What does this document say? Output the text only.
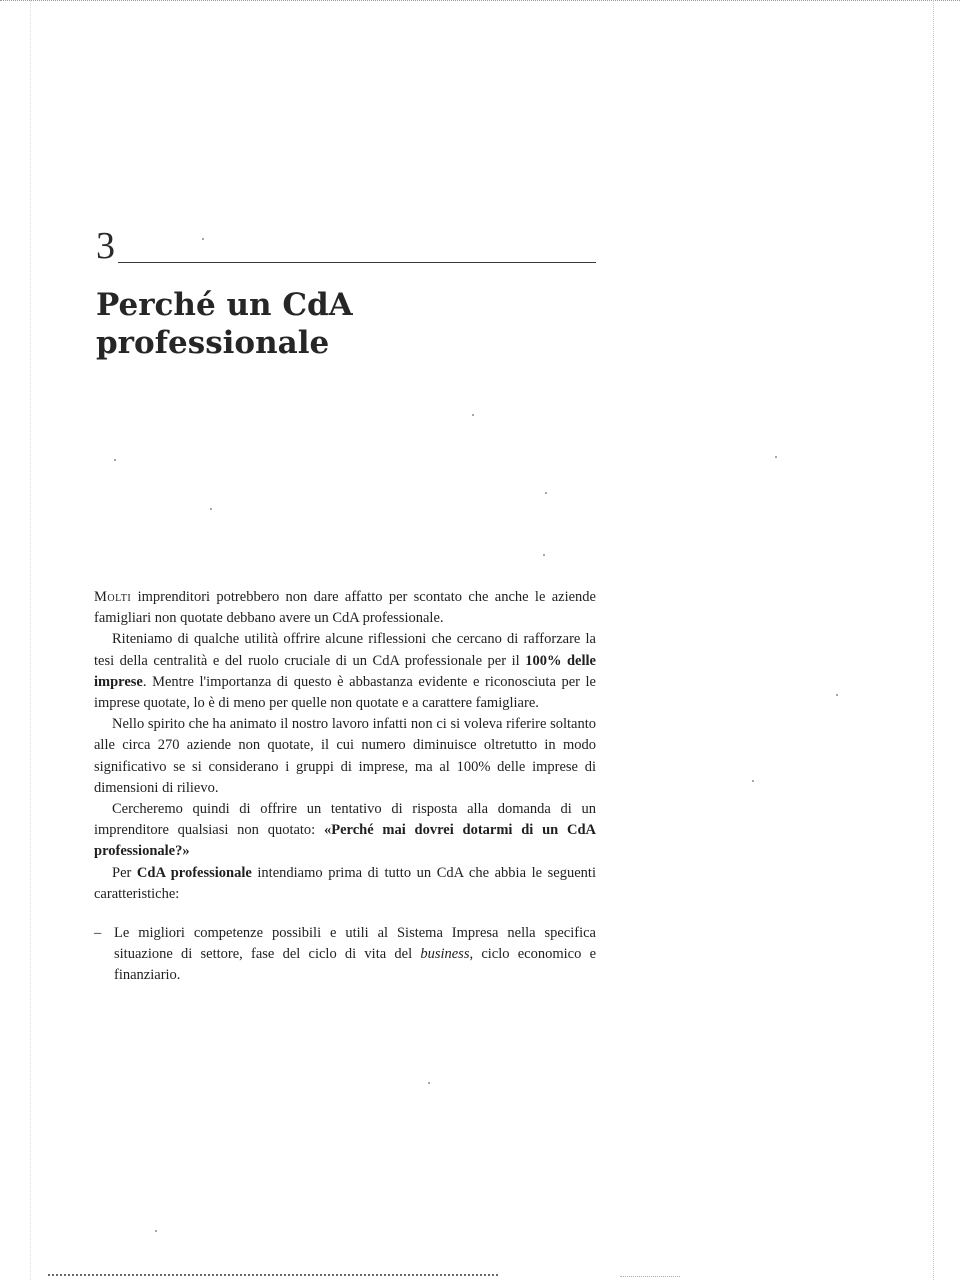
3
Perché un CdA
professionale

Molti imprenditori potrebbero non dare affatto per scontato che anche le aziende famigliari non quotate debbano avere un CdA professionale.

Riteniamo di qualche utilità offrire alcune riflessioni che cercano di rafforzare la tesi della centralità e del ruolo cruciale di un CdA professionale per il 100% delle imprese. Mentre l'importanza di questo è abbastanza evidente e riconosciuta per le imprese quotate, lo è di meno per quelle non quotate e a carattere famigliare.

Nello spirito che ha animato il nostro lavoro infatti non ci si voleva riferire soltanto alle circa 270 aziende non quotate, il cui numero diminuisce oltretutto in modo significativo se si considerano i gruppi di imprese, ma al 100% delle imprese di dimensioni di rilievo.

Cercheremo quindi di offrire un tentativo di risposta alla domanda di un imprenditore qualsiasi non quotato: «Perché mai dovrei dotarmi di un CdA professionale?»

Per CdA professionale intendiamo prima di tutto un CdA che abbia le seguenti caratteristiche:

– Le migliori competenze possibili e utili al Sistema Impresa nella specifica situazione di settore, fase del ciclo di vita del business, ciclo economico e finanziario.
